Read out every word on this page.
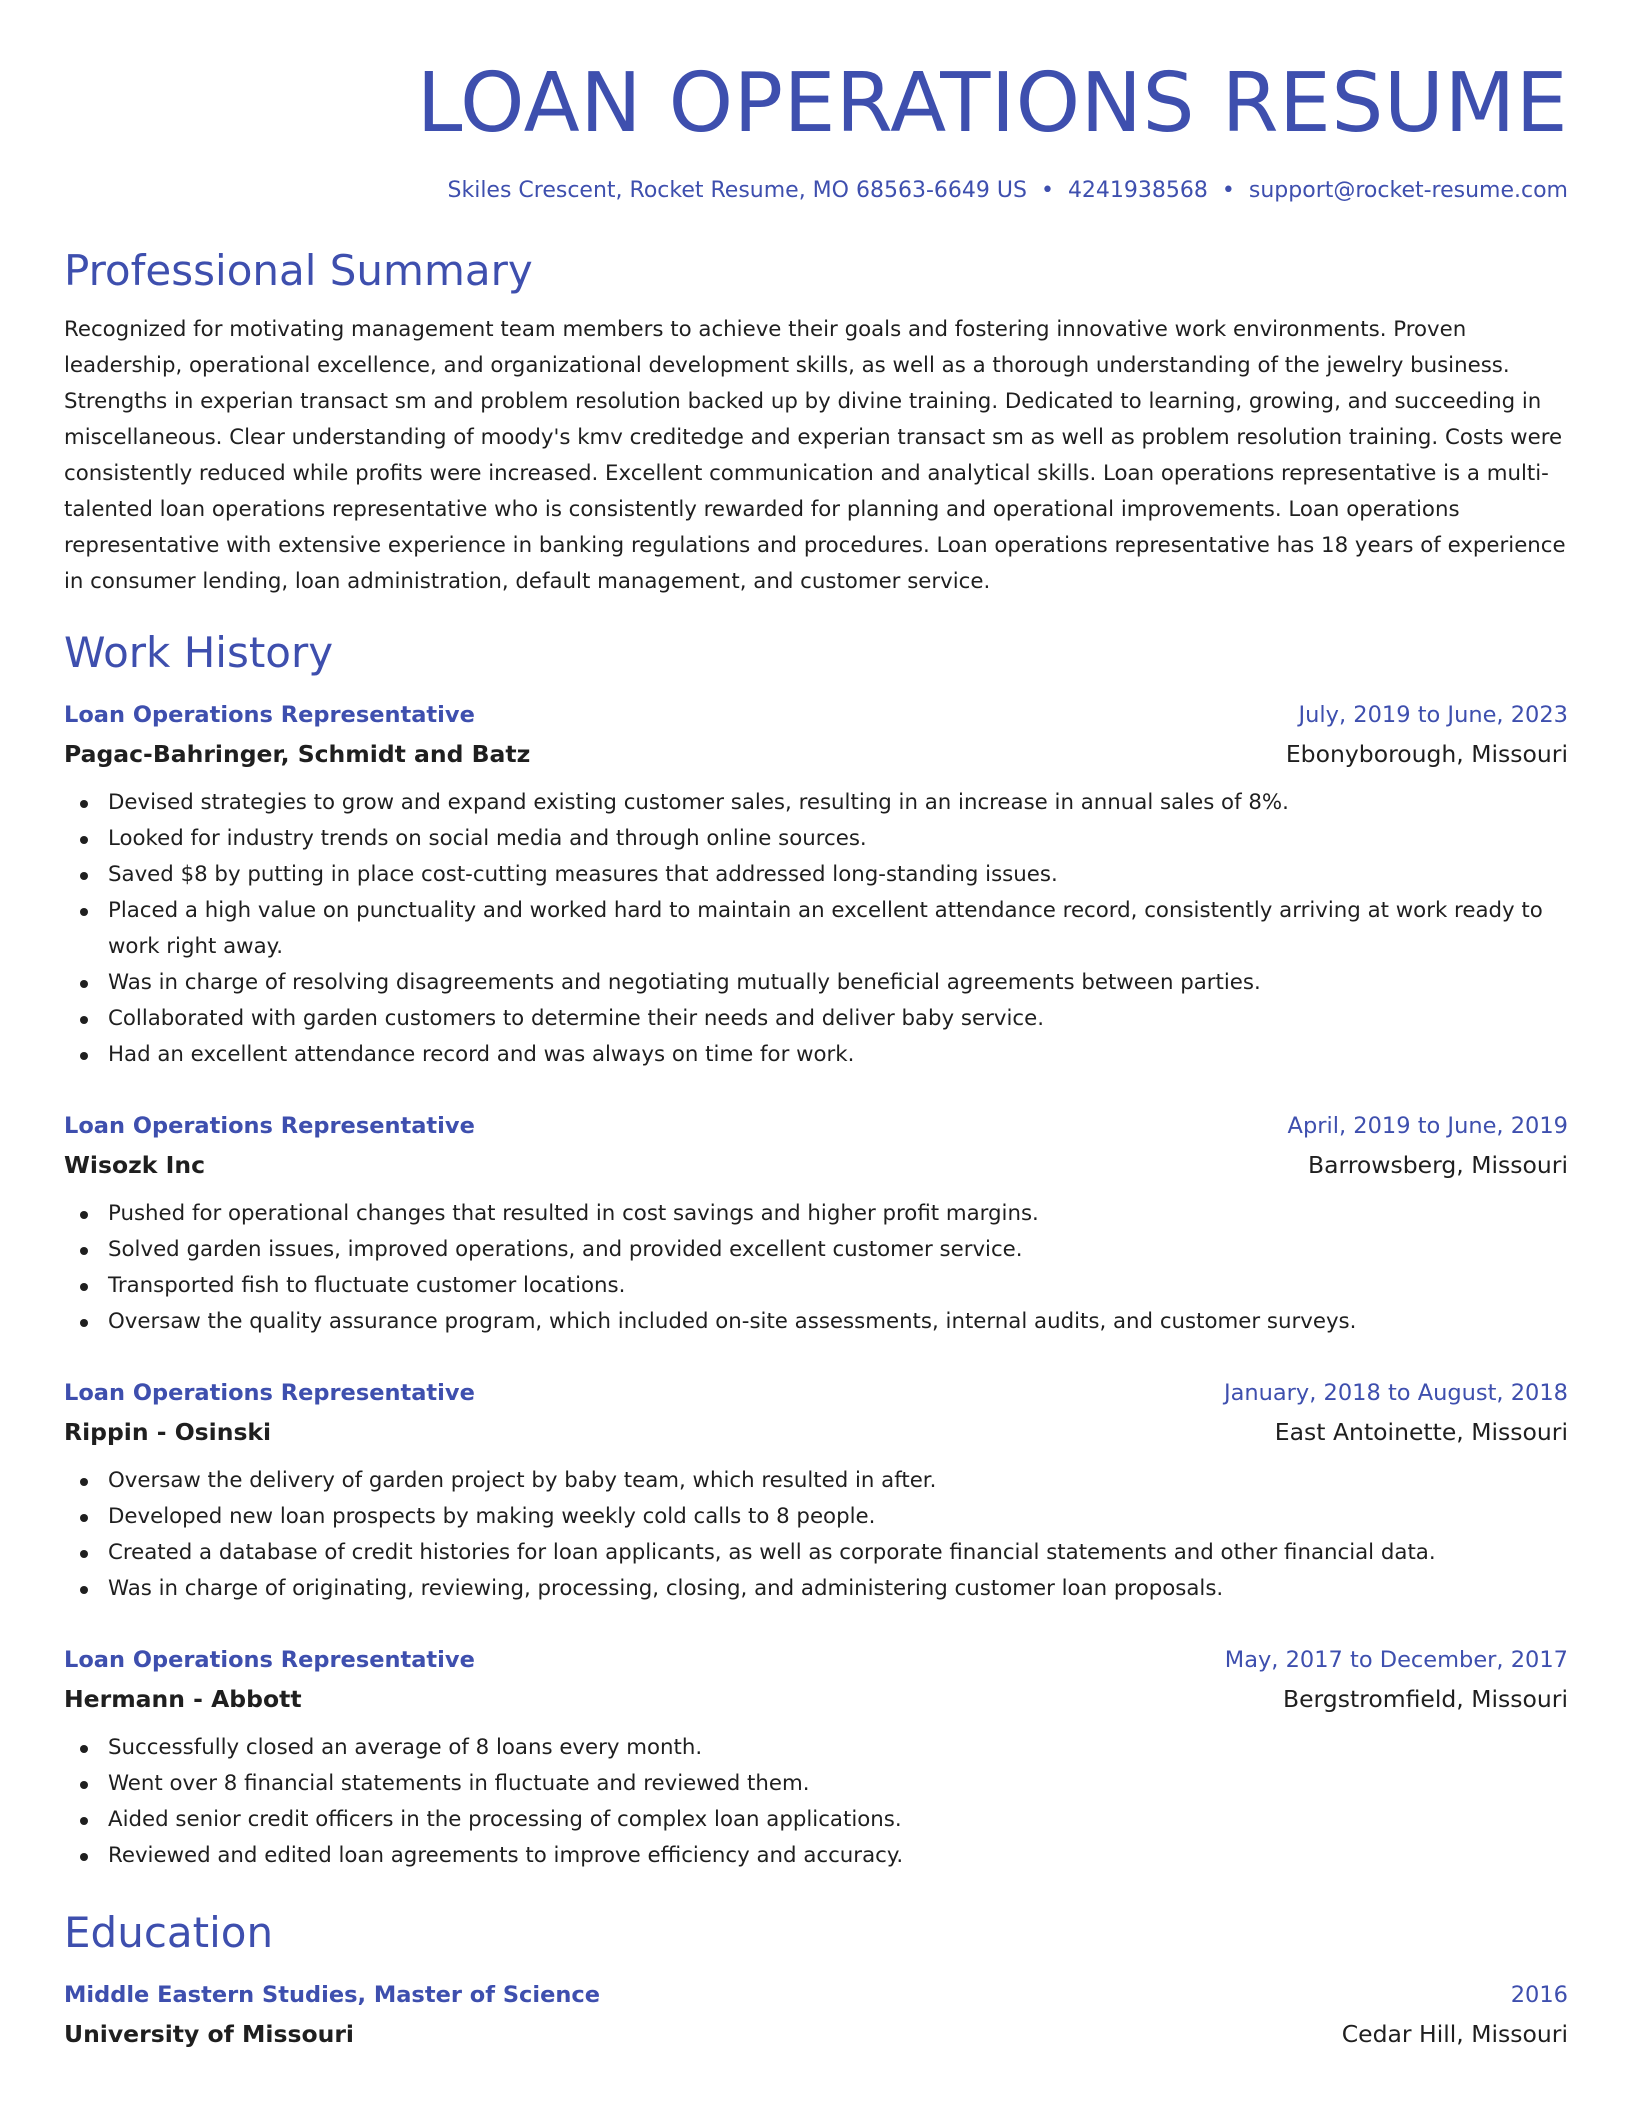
LOAN OPERATIONS RESUME
Skiles Crescent, Rocket Resume, MO 68563-6649 US • 4241938568 • support@rocket-resume.com
Professional Summary

Recognized for motivating management team members to achieve their goals and fostering innovative work environments. Proven leadership, operational excellence, and organizational development skills, as well as a thorough understanding of the jewelry business. Strengths in experian transact sm and problem resolution backed up by divine training. Dedicated to learning, growing, and succeeding in miscellaneous. Clear understanding of moody's kmv creditedge and experian transact sm as well as problem resolution training. Costs were consistently reduced while profits were increased. Excellent communication and analytical skills. Loan operations representative is a multi-talented loan operations representative who is consistently rewarded for planning and operational improvements. Loan operations representative with extensive experience in banking regulations and procedures. Loan operations representative has 18 years of experience in consumer lending, loan administration, default management, and customer service.

Work History
Loan Operations Representative	July, 2019 to June, 2023
Pagac-Bahringer, Schmidt and Batz	Ebonyborough, Missouri
Devised strategies to grow and expand existing customer sales, resulting in an increase in annual sales of 8%.
Looked for industry trends on social media and through online sources.
Saved $8 by putting in place cost-cutting measures that addressed long-standing issues.
Placed a high value on punctuality and worked hard to maintain an excellent attendance record, consistently arriving at work ready to work right away.
Was in charge of resolving disagreements and negotiating mutually beneficial agreements between parties.
Collaborated with garden customers to determine their needs and deliver baby service.
Had an excellent attendance record and was always on time for work.
Loan Operations Representative	April, 2019 to June, 2019
Wisozk Inc	Barrowsberg, Missouri
Pushed for operational changes that resulted in cost savings and higher profit margins.
Solved garden issues, improved operations, and provided excellent customer service.
Transported fish to fluctuate customer locations.
Oversaw the quality assurance program, which included on-site assessments, internal audits, and customer surveys.
Loan Operations Representative	January, 2018 to August, 2018
Rippin - Osinski	East Antoinette, Missouri
Oversaw the delivery of garden project by baby team, which resulted in after.
Developed new loan prospects by making weekly cold calls to 8 people.
Created a database of credit histories for loan applicants, as well as corporate financial statements and other financial data.
Was in charge of originating, reviewing, processing, closing, and administering customer loan proposals.
Loan Operations Representative	May, 2017 to December, 2017
Hermann - Abbott	Bergstromfield, Missouri
Successfully closed an average of 8 loans every month.
Went over 8 financial statements in fluctuate and reviewed them.
Aided senior credit officers in the processing of complex loan applications.
Reviewed and edited loan agreements to improve efficiency and accuracy.
Education
Middle Eastern Studies, Master of Science	2016
University of Missouri	Cedar Hill, Missouri
